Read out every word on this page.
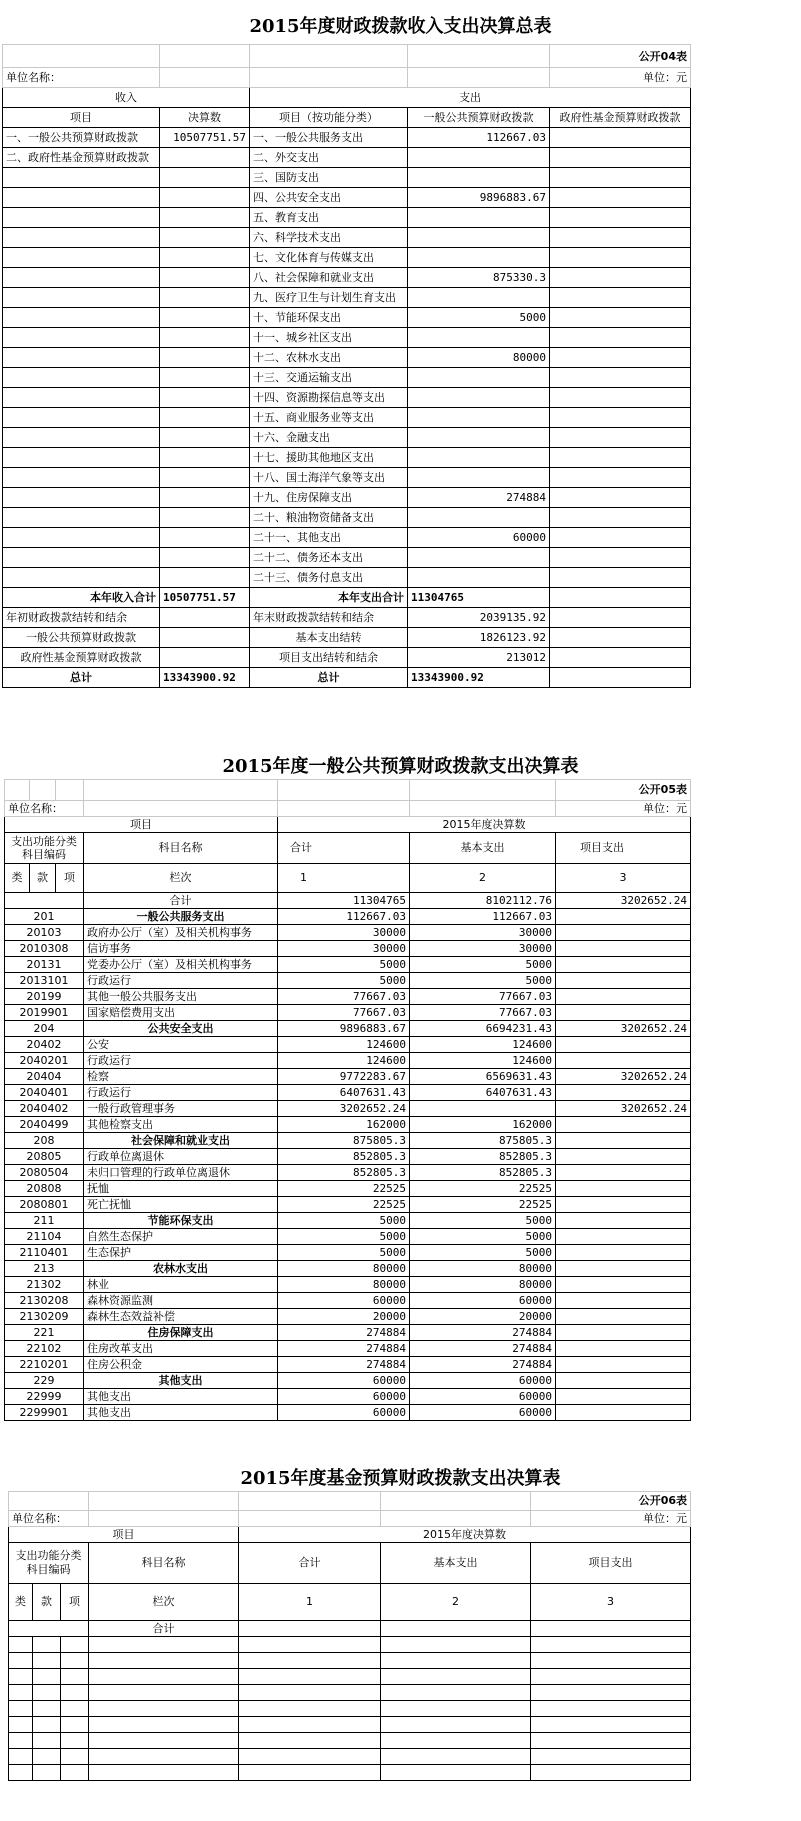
2015年度财政拨款收入支出决算总表
				公开04表
单位名称：				单位：元
收入		支出		
项目	决算数	项目（按功能分类）	一般公共预算财政拨款	政府性基金预算财政拨款
一、一般公共预算财政拨款	10507751.57	一、一般公共服务支出	112667.03	
二、政府性基金预算财政拨款		二、外交支出		
		三、国防支出		
		四、公共安全支出	9896883.67	
		五、教育支出		
		六、科学技术支出		
		七、文化体育与传媒支出		
		八、社会保障和就业支出	875330.3	
		九、医疗卫生与计划生育支出		
		十、节能环保支出	5000	
		十一、城乡社区支出		
		十二、农林水支出	80000	
		十三、交通运输支出		
		十四、资源勘探信息等支出		
		十五、商业服务业等支出		
		十六、金融支出		
		十七、援助其他地区支出		
		十八、国土海洋气象等支出		
		十九、住房保障支出	274884	
		二十、粮油物资储备支出		
		二十一、其他支出	60000	
		二十二、债务还本支出		
		二十三、债务付息支出		
本年收入合计	10507751.57	本年支出合计	11304765	
年初财政拨款结转和结余		年末财政拨款结转和结余	2039135.92	
一般公共预算财政拨款		基本支出结转	1826123.92	
政府性基金预算财政拨款		项目支出结转和结余	213012	
总计	13343900.92	总计	13343900.92	
2015年度一般公共预算财政拨款支出决算表
						公开05表
单位名称：						单位：元
项目				2015年度决算数		
支出功能分类科目编码			科目名称	合计	基本支出	项目支出
类	款	项				
			栏次	1	2	3
			合计	11304765	8102112.76	3202652.24
201			一般公共服务支出	112667.03	112667.03	
20103			政府办公厅（室）及相关机构事务	30000	30000	
2010308			信访事务	30000	30000	
20131			党委办公厅（室）及相关机构事务	5000	5000	
2013101			行政运行	5000	5000	
20199			其他一般公共服务支出	77667.03	77667.03	
2019901			国家赔偿费用支出	77667.03	77667.03	
204			公共安全支出	9896883.67	6694231.43	3202652.24
20402			公安	124600	124600	
2040201			行政运行	124600	124600	
20404			检察	9772283.67	6569631.43	3202652.24
2040401			行政运行	6407631.43	6407631.43	
2040402			一般行政管理事务	3202652.24		3202652.24
2040499			其他检察支出	162000	162000	
208			社会保障和就业支出	875805.3	875805.3	
20805			行政单位离退休	852805.3	852805.3	
2080504			未归口管理的行政单位离退休	852805.3	852805.3	
20808			抚恤	22525	22525	
2080801			死亡抚恤	22525	22525	
211			节能环保支出	5000	5000	
21104			自然生态保护	5000	5000	
2110401			生态保护	5000	5000	
213			农林水支出	80000	80000	
21302			林业	80000	80000	
2130208			森林资源监测	60000	60000	
2130209			森林生态效益补偿	20000	20000	
221			住房保障支出	274884	274884	
22102			住房改革支出	274884	274884	
2210201			住房公积金	274884	274884	
229			其他支出	60000	60000	
22999			其他支出	60000	60000	
2299901			其他支出	60000	60000	
2015年度基金预算财政拨款支出决算表
						公开06表
单位名称：						单位：元
项目				2015年度决算数		
支出功能分类科目编码			科目名称	合计	基本支出	项目支出
类	款	项				
			栏次	1	2	3
			合计			
